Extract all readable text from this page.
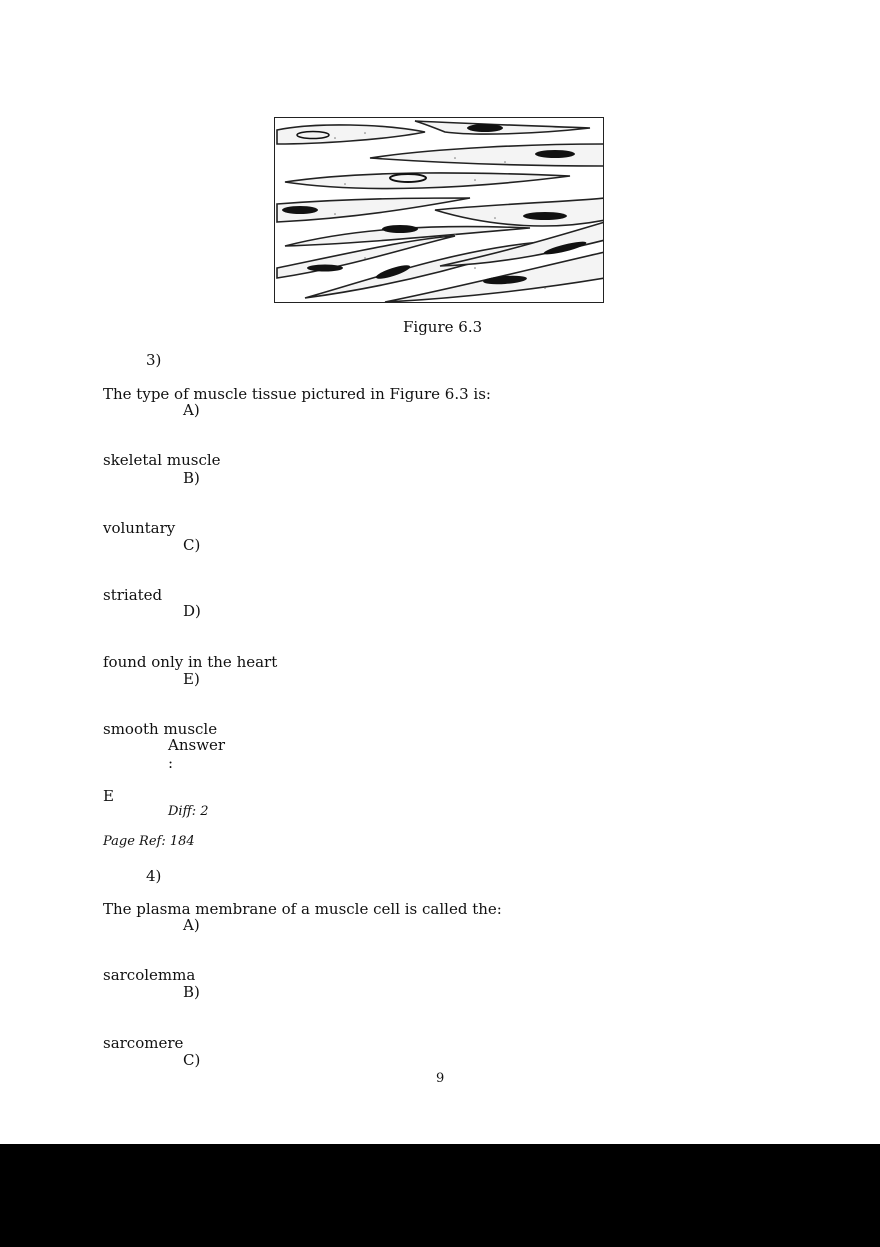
Figure 6.3
3)
The type of muscle tissue pictured in Figure 6.3 is:
A)
skeletal muscle
B)
voluntary
C)
striated
D)
found only in the heart
E)
smooth muscle
Answer
:
E
Diff: 2
Page Ref: 184
4)
The plasma membrane of a muscle cell is called the:
A)
sarcolemma
B)
sarcomere
C)
9
